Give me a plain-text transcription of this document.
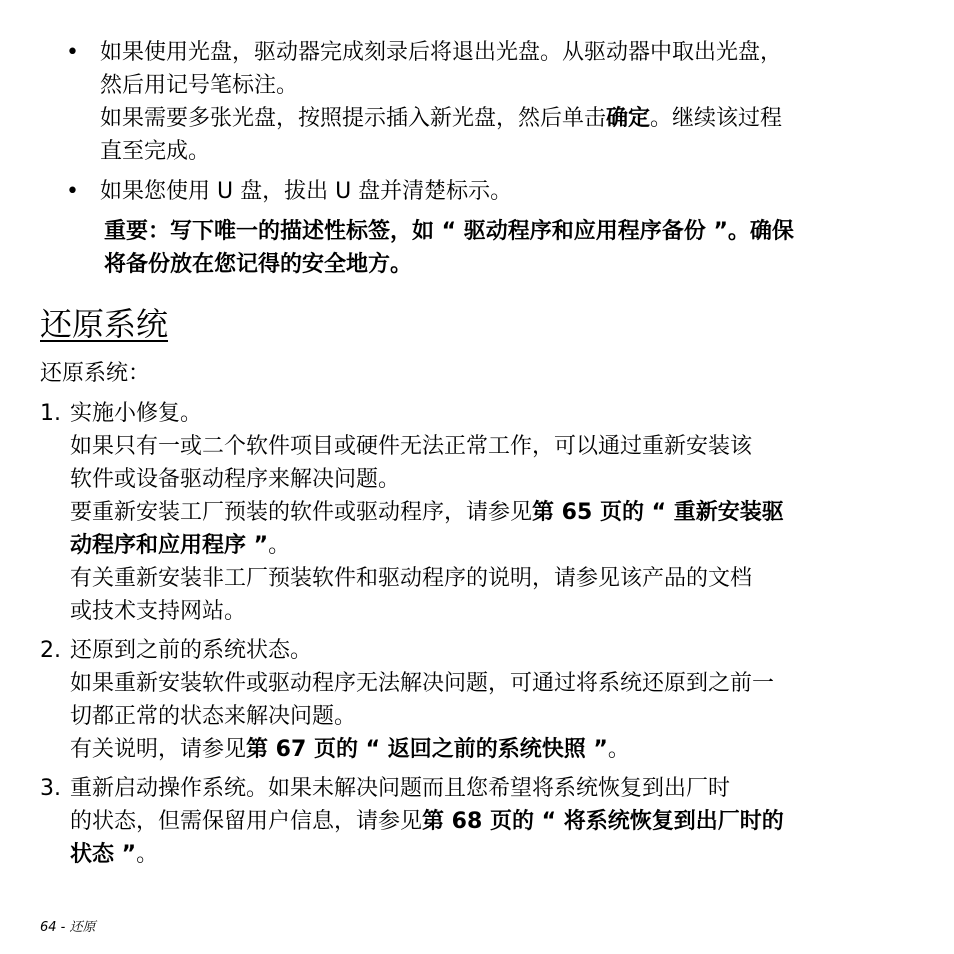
• 如果使用光盘，驱动器完成刻录后将退出光盘。从驱动器中取出光盘，

然后用记号笔标注。

如果需要多张光盘，按照提示插入新光盘，然后单击确定。继续该过程

直至完成。

• 如果您使用 U 盘，拔出 U 盘并清楚标示。

重要：写下唯一的描述性标签，如 “ 驱动程序和应用程序备份 ”。确保

将备份放在您记得的安全地方。

还原系统

还原系统：

1. 实施小修复。

如果只有一或二个软件项目或硬件无法正常工作，可以通过重新安装该

软件或设备驱动程序来解决问题。

要重新安装工厂预装的软件或驱动程序，请参见第 65 页的 “ 重新安装驱

动程序和应用程序 ”。

有关重新安装非工厂预装软件和驱动程序的说明，请参见该产品的文档

或技术支持网站。

2. 还原到之前的系统状态。

如果重新安装软件或驱动程序无法解决问题，可通过将系统还原到之前一

切都正常的状态来解决问题。

有关说明，请参见第 67 页的 “ 返回之前的系统快照 ”。

3. 重新启动操作系统。如果未解决问题而且您希望将系统恢复到出厂时

的状态，但需保留用户信息，请参见第 68 页的 “ 将系统恢复到出厂时的

状态 ”。

64 - 还原
